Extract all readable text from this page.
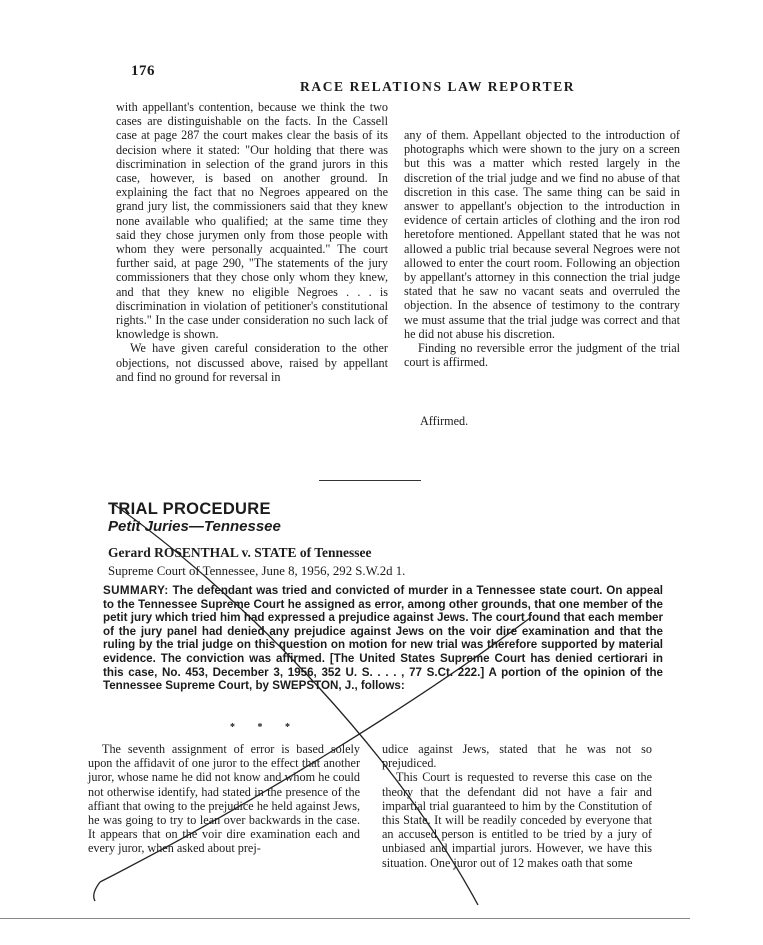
176
RACE RELATIONS LAW REPORTER

with appellant's contention, because we think the two cases are distinguishable on the facts. In the Cassell case at page 287 the court makes clear the basis of its decision where it stated: "Our holding that there was discrimination in selection of the grand jurors in this case, however, is based on another ground. In explaining the fact that no Negroes appeared on the grand jury list, the commissioners said that they knew none available who qualified; at the same time they said they chose jurymen only from those people with whom they were personally acquainted." The court further said, at page 290, "The statements of the jury commissioners that they chose only whom they knew, and that they knew no eligible Negroes . . . is discrimination in violation of petitioner's constitutional rights." In the case under consideration no such lack of knowledge is shown.

We have given careful consideration to the other objections, not discussed above, raised by appellant and find no ground for reversal in

any of them. Appellant objected to the introduction of photographs which were shown to the jury on a screen but this was a matter which rested largely in the discretion of the trial judge and we find no abuse of that discretion in this case. The same thing can be said in answer to appellant's objection to the introduction in evidence of certain articles of clothing and the iron rod heretofore mentioned. Appellant stated that he was not allowed a public trial because several Negroes were not allowed to enter the court room. Following an objection by appellant's attorney in this connection the trial judge stated that he saw no vacant seats and overruled the objection. In the absence of testimony to the contrary we must assume that the trial judge was correct and that he did not abuse his discretion.

Finding no reversible error the judgment of the trial court is affirmed.

Affirmed.
TRIAL PROCEDURE
Petit Juries—Tennessee
Gerard ROSENTHAL v. STATE of Tennessee
Supreme Court of Tennessee, June 8, 1956, 292 S.W.2d 1.
SUMMARY: The defendant was tried and convicted of murder in a Tennessee state court. On appeal to the Tennessee Supreme Court he assigned as error, among other grounds, that one member of the petit jury which tried him had expressed a prejudice against Jews. The court found that each member of the jury panel had denied any prejudice against Jews on the voir dire examination and that the ruling by the trial judge on this question on motion for new trial was therefore supported by material evidence. The conviction was affirmed. [The United States Supreme Court has denied certiorari in this case, No. 453, December 3, 1956, 352 U. S. . . . , 77 S.Ct. 222.] A portion of the opinion of the Tennessee Supreme Court, by SWEPSTON, J., follows:
* * *

The seventh assignment of error is based solely upon the affidavit of one juror to the effect that another juror, whose name he did not know and whom he could not otherwise identify, had stated in the presence of the affiant that owing to the prejudice he held against Jews, he was going to try to lean over backwards in the case. It appears that on the voir dire examination each and every juror, when asked about prej-

udice against Jews, stated that he was not so prejudiced.

This Court is requested to reverse this case on the theory that the defendant did not have a fair and impartial trial guaranteed to him by the Constitution of this State. It will be readily conceded by everyone that an accused person is entitled to be tried by a jury of unbiased and impartial jurors. However, we have this situation. One juror out of 12 makes oath that some
